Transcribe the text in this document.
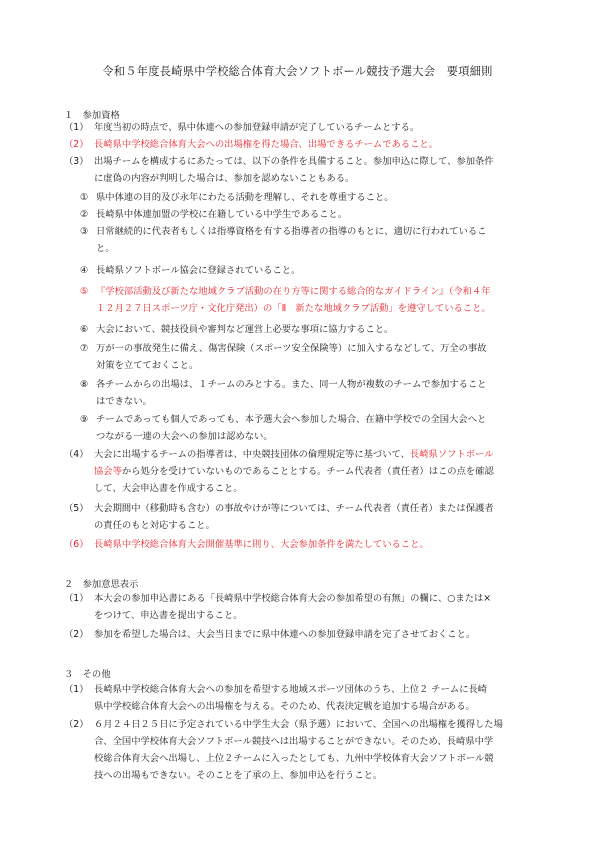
令和５年度長崎県中学校総合体育大会ソフトボール競技予選大会　要項細則
１　参加資格
（1） 年度当初の時点で、県中体連への参加登録申請が完了しているチームとする。
（2） 長崎県中学校総合体育大会への出場権を得た場合、出場できるチームであること。
（3） 出場チームを構成するにあたっては、以下の条件を具備すること。参加申込に際して、参加条件
に虚偽の内容が判明した場合は、参加を認めないこともある。
① 県中体連の目的及び永年にわたる活動を理解し、それを尊重すること。
② 長崎県中体連加盟の学校に在籍している中学生であること。
③ 日常継続的に代表者もしくは指導資格を有する指導者の指導のもとに、適切に行われているこ
と。
④ 長崎県ソフトボール協会に登録されていること。
⑤ 『学校部活動及び新たな地域クラブ活動の在り方等に関する総合的なガイドライン』（令和４年
１２月２７日スポーツ庁・文化庁発出）の「Ⅱ　新たな地域クラブ活動」を遵守していること。
⑥ 大会において、競技役員や審判など運営上必要な事項に協力すること。
⑦ 万が一の事故発生に備え、傷害保険（スポーツ安全保険等）に加入するなどして、万全の事故
対策を立てておくこと。
⑧ 各チームからの出場は、１チームのみとする。また、同一人物が複数のチームで参加すること
はできない。
⑨ チームであっても個人であっても、本予選大会へ参加した場合、在籍中学校での全国大会へと
つながる一連の大会への参加は認めない。
（4） 大会に出場するチームの指導者は、中央競技団体の倫理規定等に基づいて、長崎県ソフトボール
協会等から処分を受けていないものであることとする。チーム代表者（責任者）はこの点を確認
して、大会申込書を作成すること。
（5） 大会期間中（移動時も含む）の事故やけが等については、チーム代表者（責任者）または保護者
の責任のもと対応すること。
（6） 長崎県中学校総合体育大会開催基準に則り、大会参加条件を満たしていること。
２　参加意思表示
（1） 本大会の参加申込書にある「長崎県中学校総合体育大会の参加希望の有無」の欄に、○または×
をつけて、申込書を提出すること。
（2） 参加を希望した場合は、大会当日までに県中体連への参加登録申請を完了させておくこと。
３　その他
（1） 長崎県中学校総合体育大会への参加を希望する地域スポーツ団体のうち、上位２ チームに長崎
県中学校総合体育大会への出場権を与える。そのため、代表決定戦を追加する場合がある。
（2） ６月２４日２５日に予定されている中学生大会（県予選）において、全国への出場権を獲得した場
合、全国中学校体育大会ソフトボール競技へは出場することができない。そのため、長崎県中学
校総合体育大会へ出場し、上位２チームに入ったとしても、九州中学校体育大会ソフトボール競
技への出場もできない。そのことを了承の上、参加申込を行うこと。
